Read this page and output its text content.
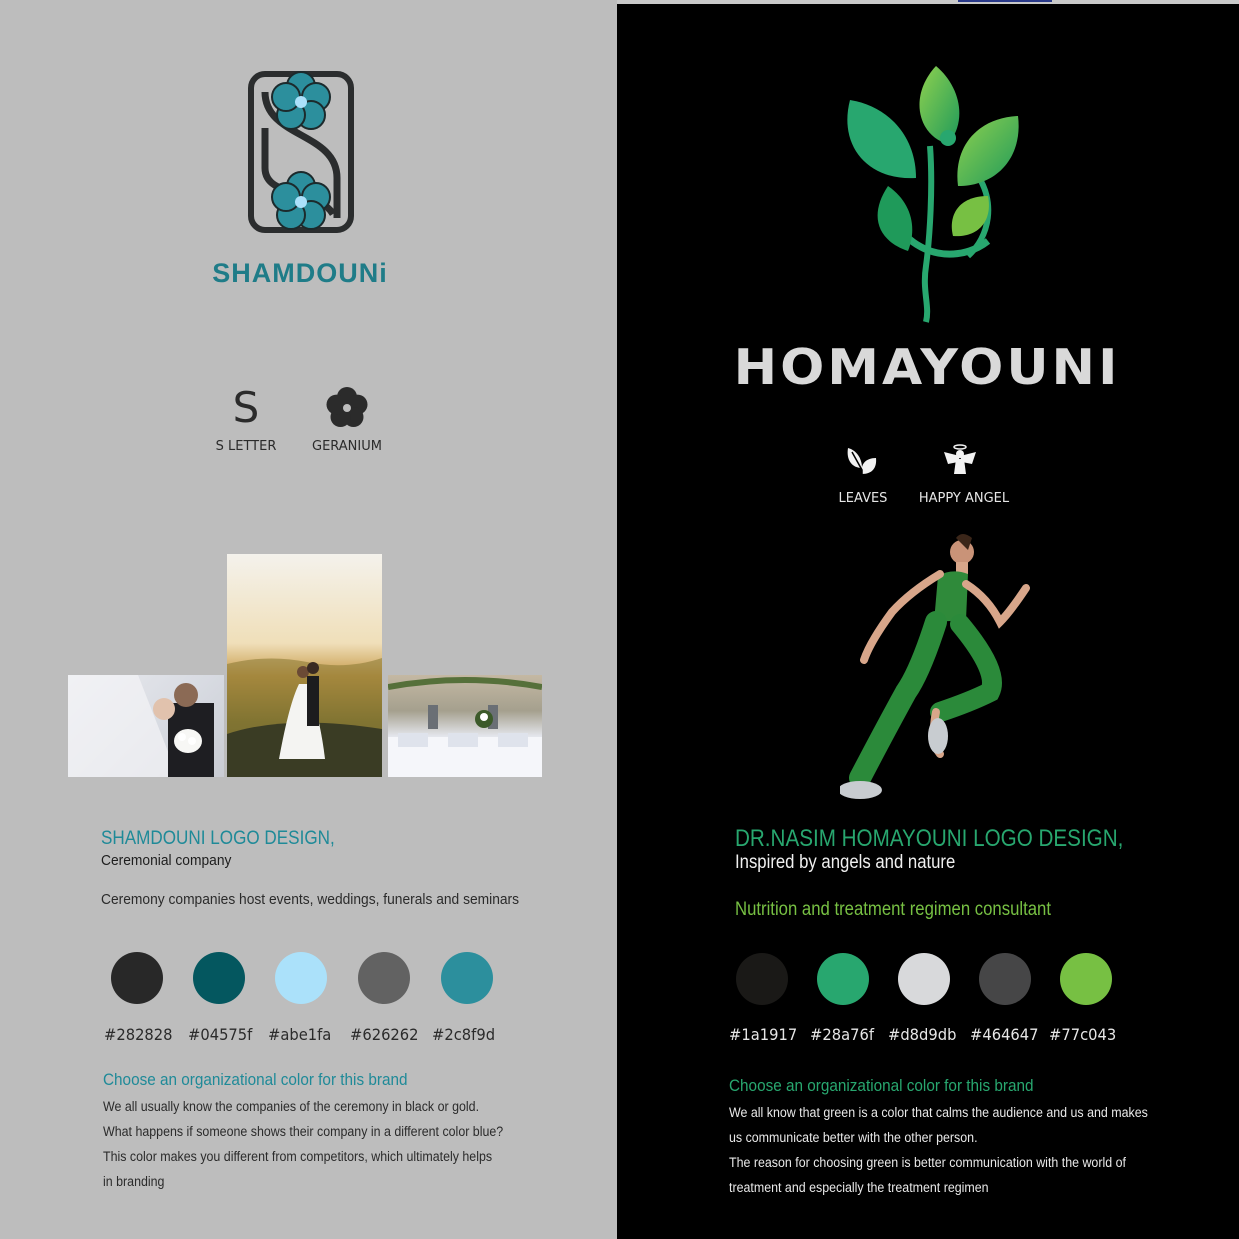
SHAMDOUNi
S
S LETTER	GERANIUM
SHAMDOUNI LOGO DESIGN,
Ceremonial company
Ceremony companies host events, weddings, funerals and seminars
#282828 #04575f #abe1fa #626262 #2c8f9d
Choose an organizational color for this brand
We all usually know the companies of the ceremony in black or gold.
What happens if someone shows their company in a different color blue?
This color makes you different from competitors, which ultimately helps
in branding
HOMAYOUNI
LEAVES	HAPPY ANGEL
DR.NASIM HOMAYOUNI LOGO DESIGN,
Inspired by angels and nature
Nutrition and treatment regimen consultant
#1a1917 #28a76f #d8d9db #464647 #77c043
Choose an organizational color for this brand
We all know that green is a color that calms the audience and us and makes
us communicate better with the other person.
The reason for choosing green is better communication with the world of
treatment and especially the treatment regimen
